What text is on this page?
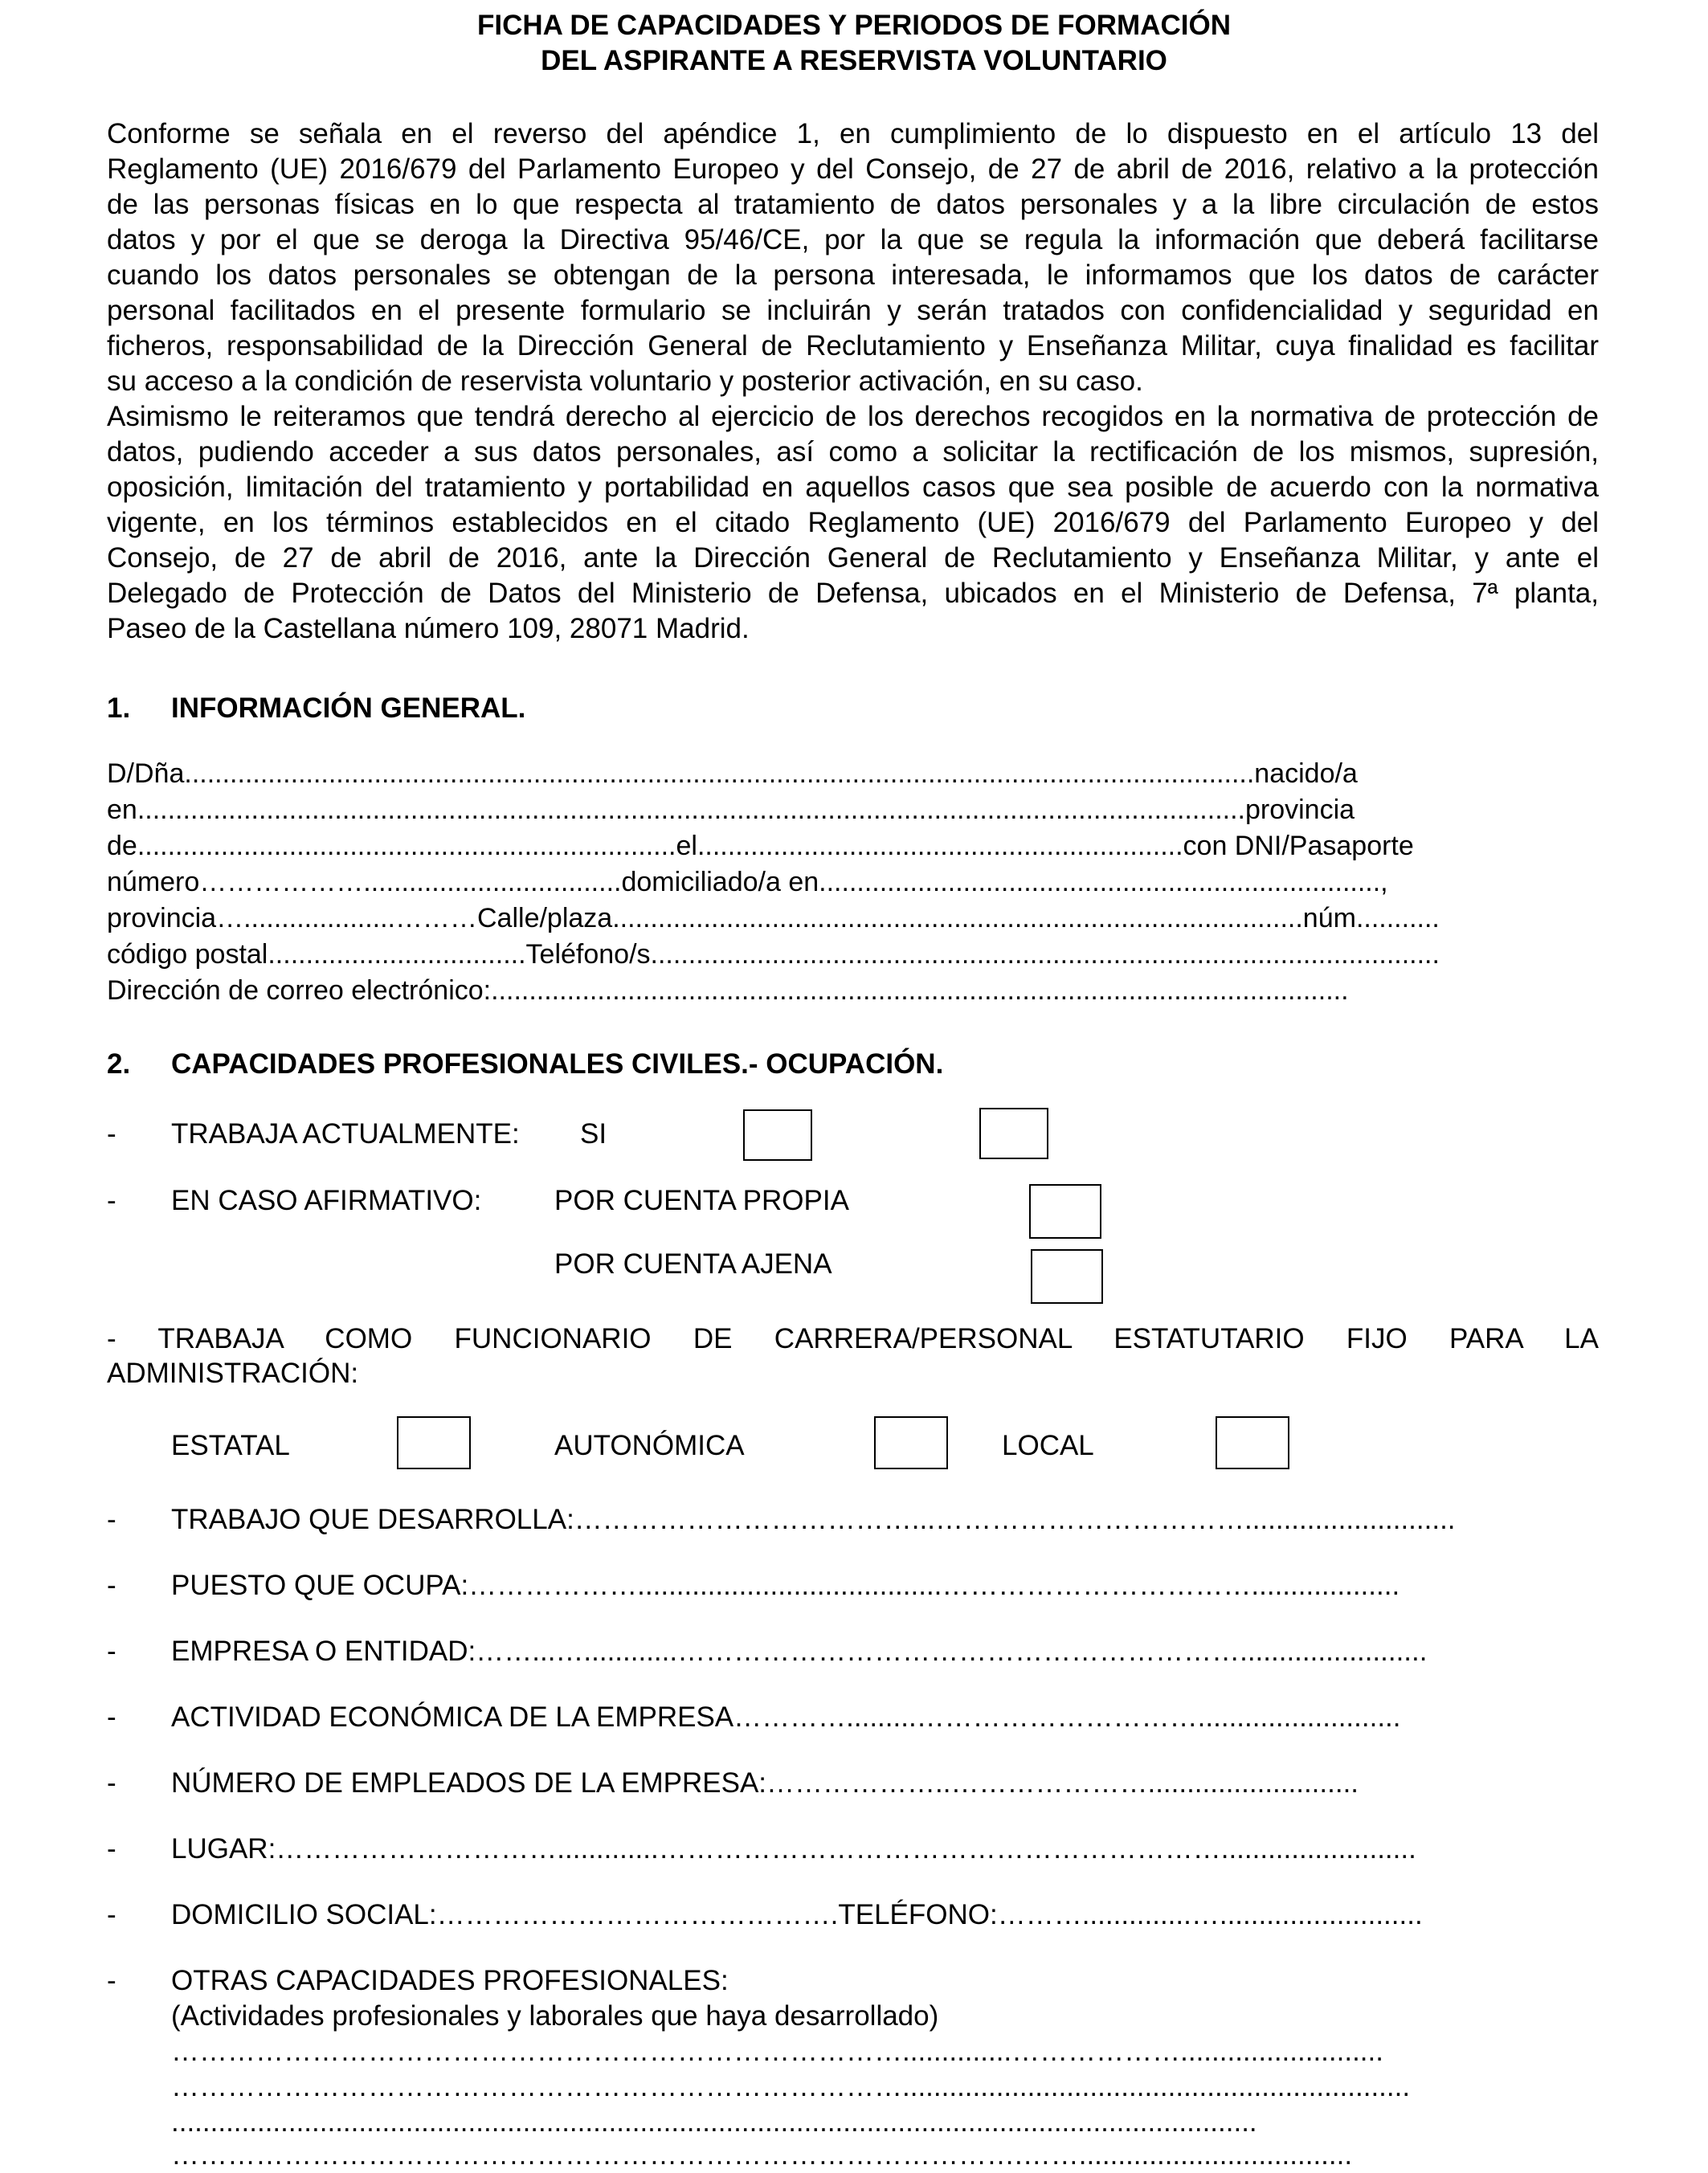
FICHA DE CAPACIDADES Y PERIODOS DE FORMACIÓN
DEL ASPIRANTE A RESERVISTA VOLUNTARIO
Conforme se señala en el reverso del apéndice 1, en cumplimiento de lo dispuesto en el artículo 13 del
Reglamento (UE) 2016/679 del Parlamento Europeo y del Consejo, de 27 de abril de 2016, relativo a la protección
de las personas físicas en lo que respecta al tratamiento de datos personales y a la libre circulación de estos
datos y por el que se deroga la Directiva 95/46/CE, por la que se regula la información que deberá facilitarse
cuando los datos personales se obtengan de la persona interesada, le informamos que los datos de carácter
personal facilitados en el presente formulario se incluirán y serán tratados con confidencialidad y seguridad en
ficheros, responsabilidad de la Dirección General de Reclutamiento y Enseñanza Militar, cuya finalidad es facilitar
su acceso a la condición de reservista voluntario y posterior activación, en su caso.
Asimismo le reiteramos que tendrá derecho al ejercicio de los derechos recogidos en la normativa de protección de
datos, pudiendo acceder a sus datos personales, así como a solicitar la rectificación de los mismos, supresión,
oposición, limitación del tratamiento y portabilidad en aquellos casos que sea posible de acuerdo con la normativa
vigente, en los términos establecidos en el citado Reglamento (UE) 2016/679 del Parlamento Europeo y del
Consejo, de 27 de abril de 2016, ante la Dirección General de Reclutamiento y Enseñanza Militar, y ante el
Delegado de Protección de Datos del Ministerio de Defensa, ubicados en el Ministerio de Defensa, 7ª planta,
Paseo de la Castellana número 109, 28071 Madrid.
1. INFORMACIÓN GENERAL.
D/Dña.............................................................................................................................................nacido/a
en..................................................................................................................................................provincia
de.......................................................................el................................................................con DNI/Pasaporte
número………………..................................domiciliado/a en..........................................................................,
provincia…....................………Calle/plaza...........................................................................................núm...........
código postal..................................Teléfono/s........................................................................................................
Dirección de correo electrónico:.................................................................................................................
2. CAPACIDADES PROFESIONALES CIVILES.- OCUPACIÓN.
- TRABAJA ACTUALMENTE: SI
- EN CASO AFIRMATIVO:	POR CUENTA PROPIA
POR CUENTA AJENA
- TRABAJA COMO FUNCIONARIO DE CARRERA/PERSONAL ESTATUTARIO FIJO PARA LA
ADMINISTRACIÓN:
ESTATAL	AUTONÓMICA	LOCAL
- TRABAJO QUE DESARROLLA:………………………………...……………………………...........................
- PUESTO QUE OCUPA:……………….......................................……………………………...................
- EMPRESA O ENTIDAD:……...…............……………………………………………………........................
- ACTIVIDAD ECONÓMICA DE LA EMPRESA………….........…………………………..........................
- NÚMERO DE EMPLEADOS DE LA EMPRESA:………………..…………………...........................
- LUGAR:………………………….............…………………………………………………….........................
- DOMICILIO SOCIAL:…………………………………….TELÉFONO:………..............…..........................
- OTRAS CAPACIDADES PROFESIONALES:
(Actividades profesionales y laborales que haya desarrollado)
……………………………………………………………………..............………………..........................
…………………………………………………………………….................................................................
...........................................................................................................................................
……………………………………………………………………………….……...................................
